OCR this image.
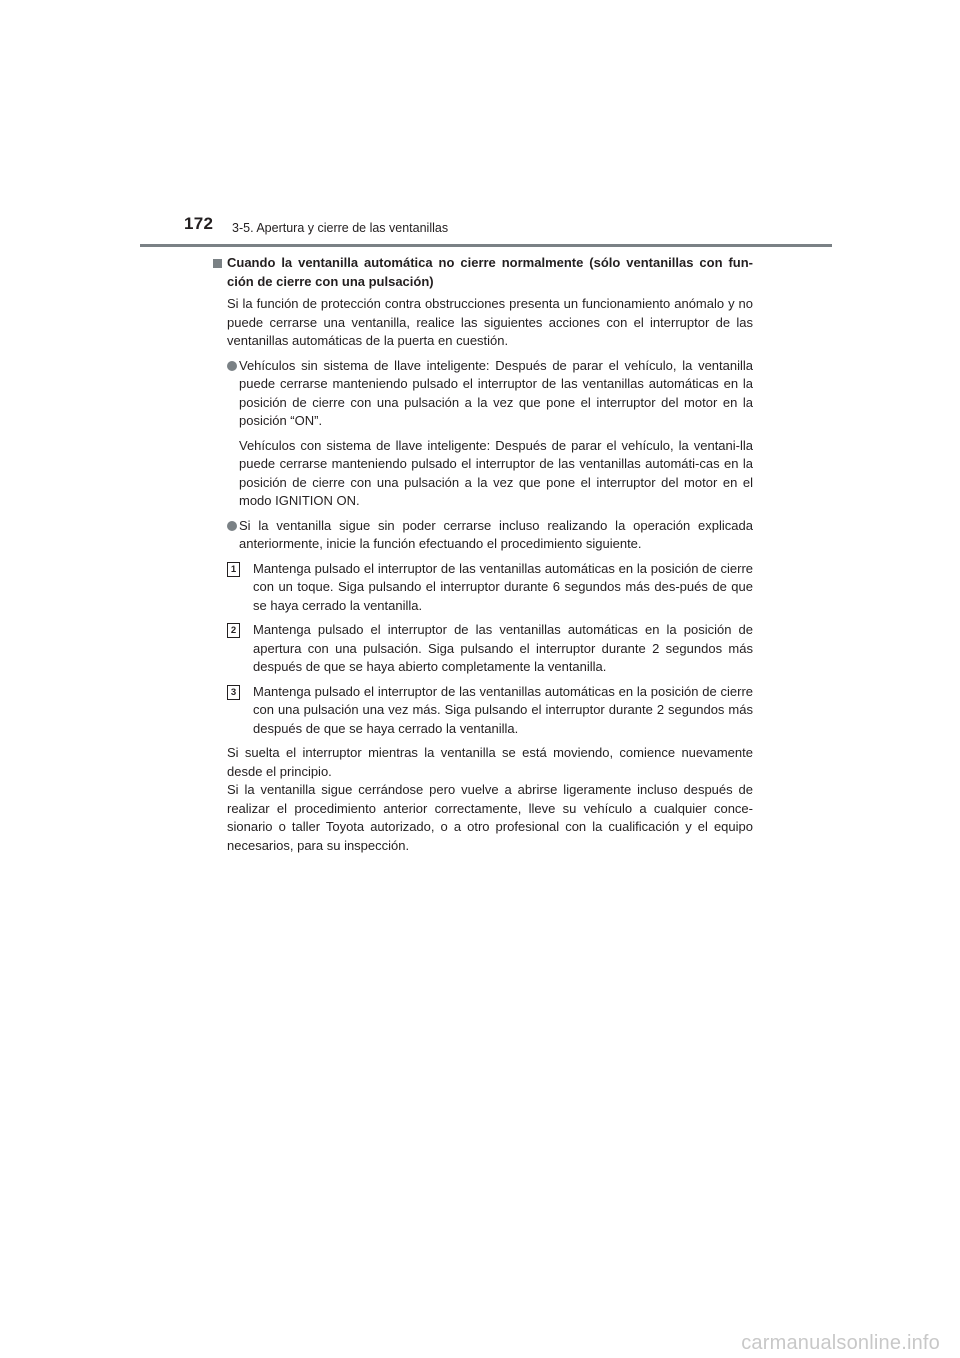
172 3-5. Apertura y cierre de las ventanillas
Cuando la ventanilla automática no cierre normalmente (sólo ventanillas con fun-ción de cierre con una pulsación)

Si la función de protección contra obstrucciones presenta un funcionamiento anómalo y no puede cerrarse una ventanilla, realice las siguientes acciones con el interruptor de las ventanillas automáticas de la puerta en cuestión.

Vehículos sin sistema de llave inteligente: Después de parar el vehículo, la ventanilla puede cerrarse manteniendo pulsado el interruptor de las ventanillas automáticas en la posición de cierre con una pulsación a la vez que pone el interruptor del motor en la posición “ON”.

Vehículos con sistema de llave inteligente: Después de parar el vehículo, la ventani-lla puede cerrarse manteniendo pulsado el interruptor de las ventanillas automáti-cas en la posición de cierre con una pulsación a la vez que pone el interruptor del motor en el modo IGNITION ON.

Si la ventanilla sigue sin poder cerrarse incluso realizando la operación explicada anteriormente, inicie la función efectuando el procedimiento siguiente.
1 Mantenga pulsado el interruptor de las ventanillas automáticas en la posición de cierre con un toque. Siga pulsando el interruptor durante 6 segundos más des-pués de que se haya cerrado la ventanilla.
2 Mantenga pulsado el interruptor de las ventanillas automáticas en la posición de apertura con una pulsación. Siga pulsando el interruptor durante 2 segundos más después de que se haya abierto completamente la ventanilla.
3 Mantenga pulsado el interruptor de las ventanillas automáticas en la posición de cierre con una pulsación una vez más. Siga pulsando el interruptor durante 2 segundos más después de que se haya cerrado la ventanilla.

Si suelta el interruptor mientras la ventanilla se está moviendo, comience nuevamente desde el principio.

Si la ventanilla sigue cerrándose pero vuelve a abrirse ligeramente incluso después de realizar el procedimiento anterior correctamente, lleve su vehículo a cualquier conce-sionario o taller Toyota autorizado, o a otro profesional con la cualificación y el equipo necesarios, para su inspección.

carmanualsonline.info
